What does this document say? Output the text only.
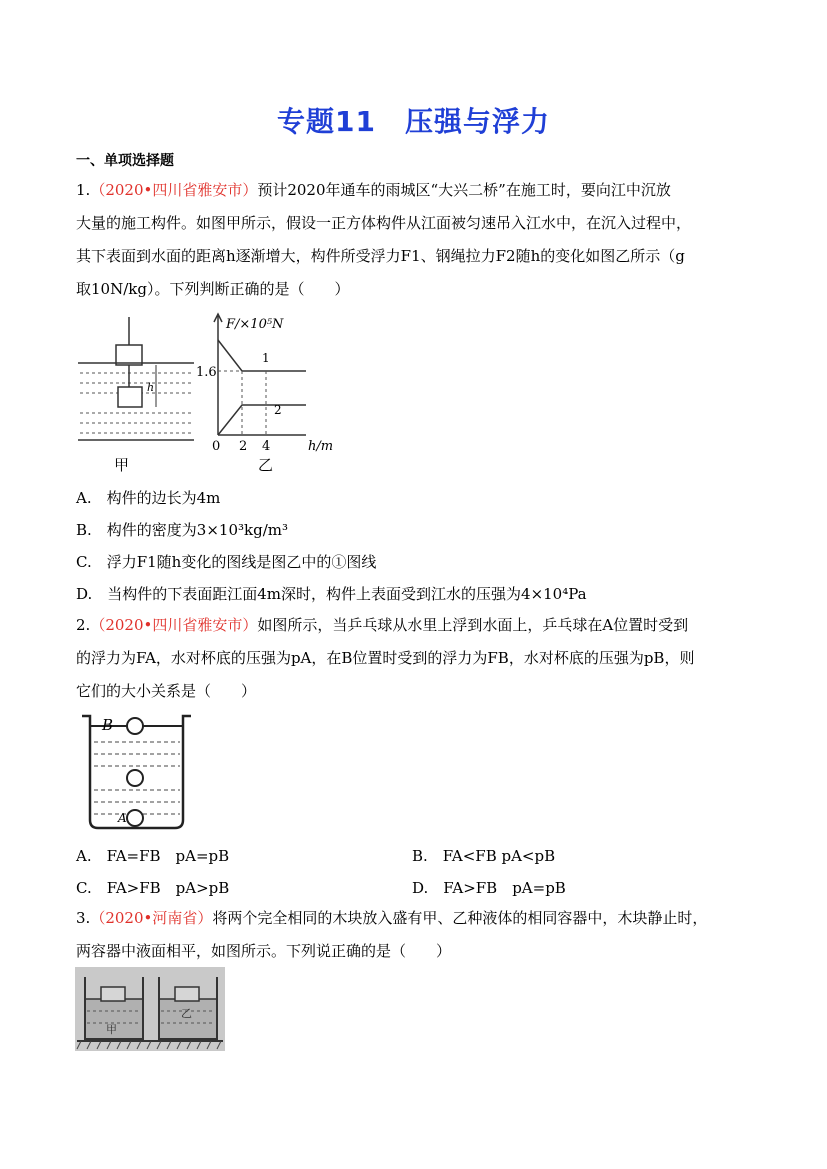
专题11　压强与浮力
一、单项选择题
1.（2020•四川省雅安市）预计2020年通车的雨城区“大兴二桥”在施工时，要向江中沉放
大量的施工构件。如图甲所示，假设一正方体构件从江面被匀速吊入江水中，在沉入过程中，
其下表面到水面的距离h逐渐增大，构件所受浮力F1、钢绳拉力F2随h的变化如图乙所示（g
取10N/kg）。下列判断正确的是（　　）
h
甲
F/×10⁵N
1.6
1
2
0 2 4	h/m
乙
A.　构件的边长为4m
B.　构件的密度为3×10³kg/m³
C.　浮力F1随h变化的图线是图乙中的①图线
D.　当构件的下表面距江面4m深时，构件上表面受到江水的压强为4×10⁴Pa
2.（2020•四川省雅安市）如图所示，当乒乓球从水里上浮到水面上，乒乓球在A位置时受到
的浮力为FA，水对杯底的压强为pA，在B位置时受到的浮力为FB，水对杯底的压强为pB，则
它们的大小关系是（　　）
B
A
A.　FA=FB　pA=pB	B.　FA<FB pA<pB
C.　FA>FB　pA>pB	D.　FA>FB　pA=pB
3.（2020•河南省）将两个完全相同的木块放入盛有甲、乙种液体的相同容器中，木块静止时，
两容器中液面相平，如图所示。下列说正确的是（　　）
甲
乙
